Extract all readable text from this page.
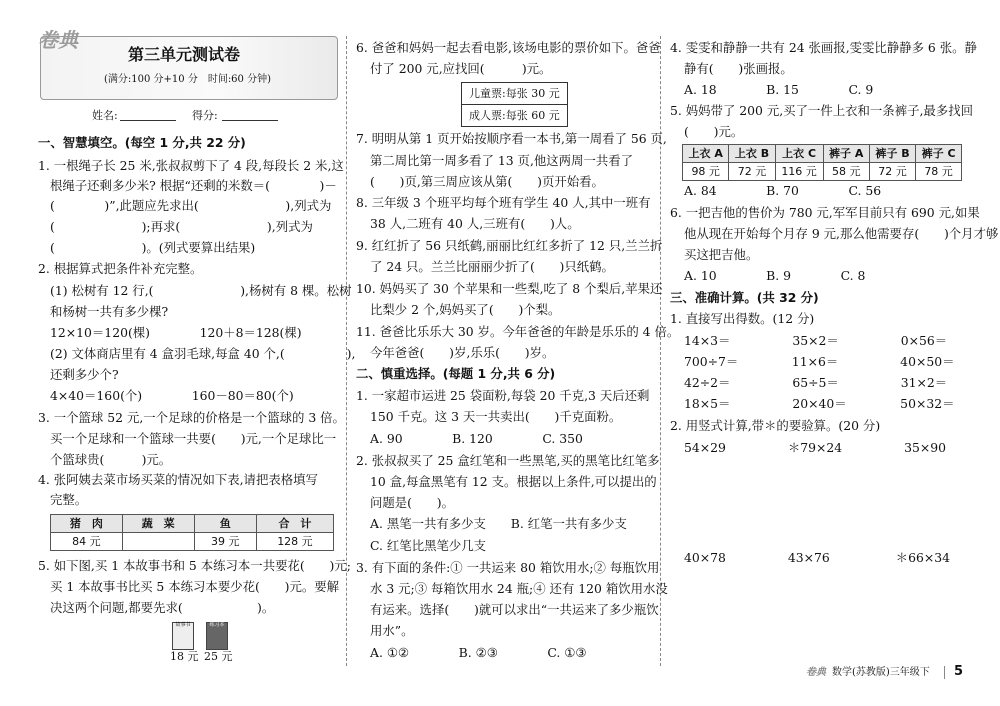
卷典
第三单元测试卷
(满分:100 分+10 分　时间:60 分钟)
姓名:	得分:
一、智慧填空。(每空 1 分,共 22 分)
1. 一根绳子长 25 米,张叔叔剪下了 4 段,每段长 2 米,这
根绳子还剩多少米? 根据“还剩的米数＝(　　　　)－
(　　　　)”,此题应先求出(　　　　　　　),列式为
(　　　　　　　);再求(　　　　　　　),列式为
(　　　　　　　)。(列式要算出结果)
2. 根据算式把条件补充完整。
(1) 松树有 12 行,(　　　　　　　),杨树有 8 棵。松树
和杨树一共有多少棵?
12×10＝120(棵)　　　　120＋8＝128(棵)
(2) 文体商店里有 4 盒羽毛球,每盒 40 个,(　　　　　),
还剩多少个?
4×40＝160(个)　　　　160－80＝80(个)
3. 一个篮球 52 元,一个足球的价格是一个篮球的 3 倍。
买一个足球和一个篮球一共要(　　)元,一个足球比一
个篮球贵(　　　)元。
4. 张阿姨去菜市场买菜的情况如下表,请把表格填写
完整。
猪　肉	蔬　菜	鱼	合　计
84 元		39 元	128 元
5. 如下图,买 1 本故事书和 5 本练习本一共要花(　　)元;
买 1 本故事书比买 5 本练习本要少花(　　)元。要解
决这两个问题,都要先求(　　　　　　)。
故事书	练习本
18 元 25 元
6. 爸爸和妈妈一起去看电影,该场电影的票价如下。爸爸
付了 200 元,应找回(　　　)元。
儿童票:每张 30 元
成人票:每张 60 元
7. 明明从第 1 页开始按顺序看一本书,第一周看了 56 页,
第二周比第一周多看了 13 页,他这两周一共看了
(　　)页,第三周应该从第(　　)页开始看。
8. 三年级 3 个班平均每个班有学生 40 人,其中一班有
38 人,二班有 40 人,三班有(　　)人。
9. 红红折了 56 只纸鹤,丽丽比红红多折了 12 只,兰兰折
了 24 只。兰兰比丽丽少折了(　　)只纸鹤。
10. 妈妈买了 30 个苹果和一些梨,吃了 8 个梨后,苹果还
比梨少 2 个,妈妈买了(　　)个梨。
11. 爸爸比乐乐大 30 岁。今年爸爸的年龄是乐乐的 4 倍。
今年爸爸(　　)岁,乐乐(　　)岁。
二、慎重选择。(每题 1 分,共 6 分)
1. 一家超市运进 25 袋面粉,每袋 20 千克,3 天后还剩
150 千克。这 3 天一共卖出(　　)千克面粉。
A. 90　　　　B. 120　　　　C. 350
2. 张叔叔买了 25 盒红笔和一些黑笔,买的黑笔比红笔多
10 盒,每盒黑笔有 12 支。根据以上条件,可以提出的
问题是(　　)。
A. 黑笔一共有多少支　　B. 红笔一共有多少支
C. 红笔比黑笔少几支
3. 有下面的条件:① 一共运来 80 箱饮用水;② 每瓶饮用
水 3 元;③ 每箱饮用水 24 瓶;④ 还有 120 箱饮用水没
有运来。选择(　　)就可以求出“一共运来了多少瓶饮
用水”。
A. ①②　　　　B. ②③　　　　C. ①③
4. 雯雯和静静一共有 24 张画报,雯雯比静静多 6 张。静
静有(　　)张画报。
A. 18　　　　B. 15　　　　C. 9
5. 妈妈带了 200 元,买了一件上衣和一条裤子,最多找回
(　　)元。
上衣 A	上衣 B	上衣 C	裤子 A	裤子 B	裤子 C
98 元	72 元	116 元	58 元	72 元	78 元
A. 84　　　　B. 70　　　　C. 56
6. 一把吉他的售价为 780 元,军军目前只有 690 元,如果
他从现在开始每个月存 9 元,那么他需要存(　　)个月才够
买这把吉他。
A. 10　　　　B. 9　　　　C. 8
三、准确计算。(共 32 分)
1. 直接写出得数。(12 分)
14×3＝　　　　　35×2＝　　　　　0×56＝
700÷7＝　　　　 11×6＝　　　　　40×50＝
42÷2＝　　　　　65÷5＝　　　　　31×2＝
18×5＝　　　　　20×40＝　　　　 50×32＝
2. 用竖式计算,带＊的要验算。(20 分)
54×29　　　　　＊79×24　　　　　35×90
40×78　　　　　43×76　　　　　 ＊66×34
卷典 数学(苏教版)三年级下 5
